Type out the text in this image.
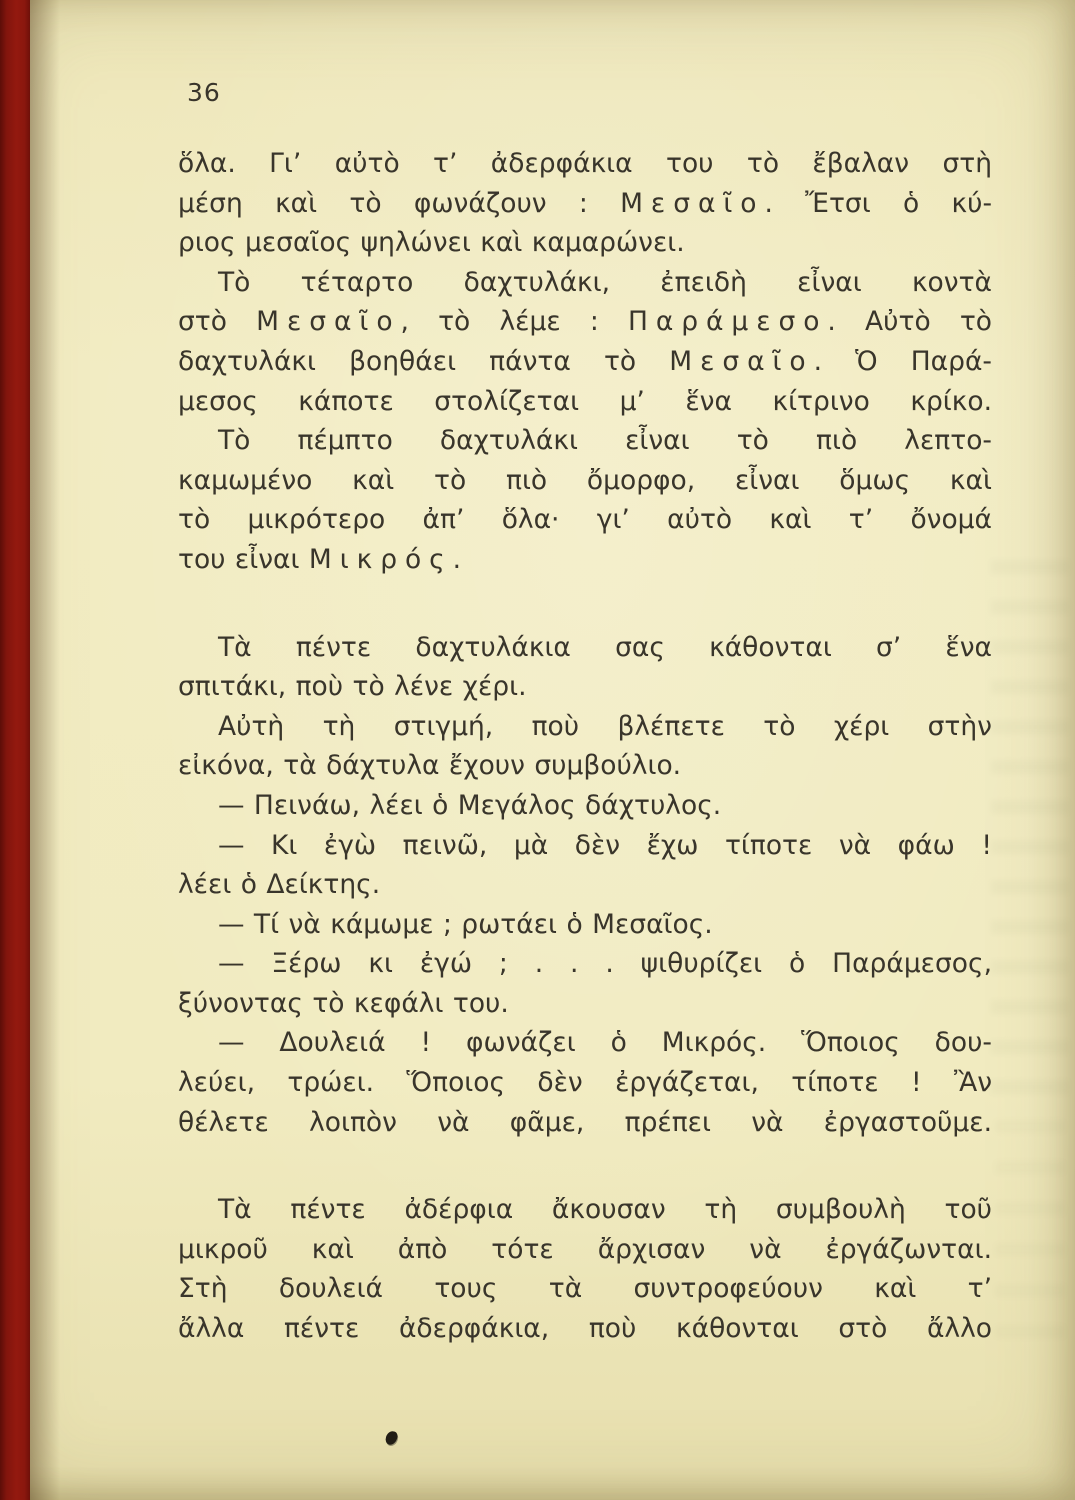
36
ὅλα. Γι’ αὐτὸ τ’ ἀδερφάκια του τὸ ἔβαλαν στὴ
μέση καὶ τὸ φωνάζουν : Μεσαῖο. Ἔτσι ὁ κύ-
ριος μεσαῖος ψηλώνει καὶ καμαρώνει.
Τὸ τέταρτο δαχτυλάκι, ἐπειδὴ εἶναι κοντὰ
στὸ Μεσαῖο, τὸ λέμε : Παράμεσο. Αὐτὸ τὸ
δαχτυλάκι βοηθάει πάντα τὸ Μεσαῖο. Ὁ Παρά-
μεσος κάποτε στολίζεται μ’ ἕνα κίτρινο κρίκο.
Τὸ πέμπτο δαχτυλάκι εἶναι τὸ πιὸ λεπτο-
καμωμένο καὶ τὸ πιὸ ὄμορφο, εἶναι ὅμως καὶ
τὸ μικρότερο ἀπ’ ὅλα· γι’ αὐτὸ καὶ τ’ ὄνομά
του εἶναι Μικρός.
Τὰ πέντε δαχτυλάκια σας κάθονται σ’ ἕνα
σπιτάκι, ποὺ τὸ λένε χέρι.
Αὐτὴ τὴ στιγμή, ποὺ βλέπετε τὸ χέρι στὴν
εἰκόνα, τὰ δάχτυλα ἔχουν συμβούλιο.
— Πεινάω, λέει ὁ Μεγάλος δάχτυλος.
— Κι ἐγὼ πεινῶ, μὰ δὲν ἔχω τίποτε νὰ φάω !
λέει ὁ Δείκτης.
— Τί νὰ κάμωμε ; ρωτάει ὁ Μεσαῖος.
— Ξέρω κι ἐγώ ; . . . ψιθυρίζει ὁ Παράμεσος,
ξύνοντας τὸ κεφάλι του.
— Δουλειά ! φωνάζει ὁ Μικρός. Ὅποιος δου-
λεύει, τρώει. Ὅποιος δὲν ἐργάζεται, τίποτε ! Ἂν
θέλετε λοιπὸν νὰ φᾶμε, πρέπει νὰ ἐργαστοῦμε.
Τὰ πέντε ἀδέρφια ἄκουσαν τὴ συμβουλὴ τοῦ
μικροῦ καὶ ἀπὸ τότε ἄρχισαν νὰ ἐργάζωνται.
Στὴ δουλειά τους τὰ συντροφεύουν καὶ τ’
ἄλλα πέντε ἀδερφάκια, ποὺ κάθονται στὸ ἄλλο
